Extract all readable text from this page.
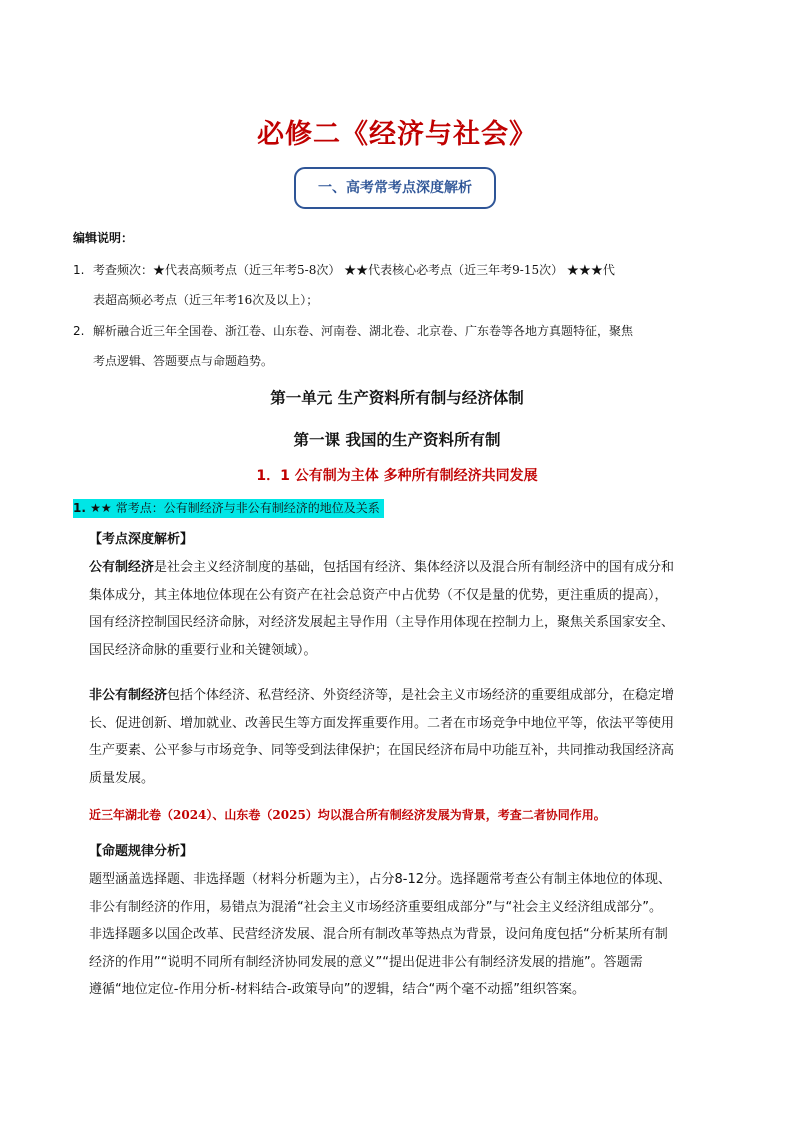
必修二《经济与社会》
一、高考常考点深度解析
编辑说明：
1. 考查频次：★代表高频考点（近三年考5-8次） ★★代表核心必考点（近三年考9-15次） ★★★代
表超高频必考点（近三年考16次及以上）；
2. 解析融合近三年全国卷、浙江卷、山东卷、河南卷、湖北卷、北京卷、广东卷等各地方真题特征，聚焦
考点逻辑、答题要点与命题趋势。
第一单元 生产资料所有制与经济体制
第一课 我国的生产资料所有制
1．1 公有制为主体 多种所有制经济共同发展
1. ★★ 常考点：公有制经济与非公有制经济的地位及关系
【考点深度解析】
公有制经济是社会主义经济制度的基础，包括国有经济、集体经济以及混合所有制经济中的国有成分和
集体成分，其主体地位体现在公有资产在社会总资产中占优势（不仅是量的优势，更注重质的提高），
国有经济控制国民经济命脉，对经济发展起主导作用（主导作用体现在控制力上，聚焦关系国家安全、
国民经济命脉的重要行业和关键领域）。
非公有制经济包括个体经济、私营经济、外资经济等，是社会主义市场经济的重要组成部分，在稳定增
长、促进创新、增加就业、改善民生等方面发挥重要作用。二者在市场竞争中地位平等，依法平等使用
生产要素、公平参与市场竞争、同等受到法律保护；在国民经济布局中功能互补，共同推动我国经济高
质量发展。
近三年湖北卷（2024）、山东卷（2025）均以混合所有制经济发展为背景，考查二者协同作用。
【命题规律分析】
题型涵盖选择题、非选择题（材料分析题为主），占分8-12分。选择题常考查公有制主体地位的体现、
非公有制经济的作用，易错点为混淆“社会主义市场经济重要组成部分”与“社会主义经济组成部分”。
非选择题多以国企改革、民营经济发展、混合所有制改革等热点为背景，设问角度包括“分析某所有制
经济的作用”“说明不同所有制经济协同发展的意义”“提出促进非公有制经济发展的措施”。答题需
遵循“地位定位-作用分析-材料结合-政策导向”的逻辑，结合“两个毫不动摇”组织答案。
